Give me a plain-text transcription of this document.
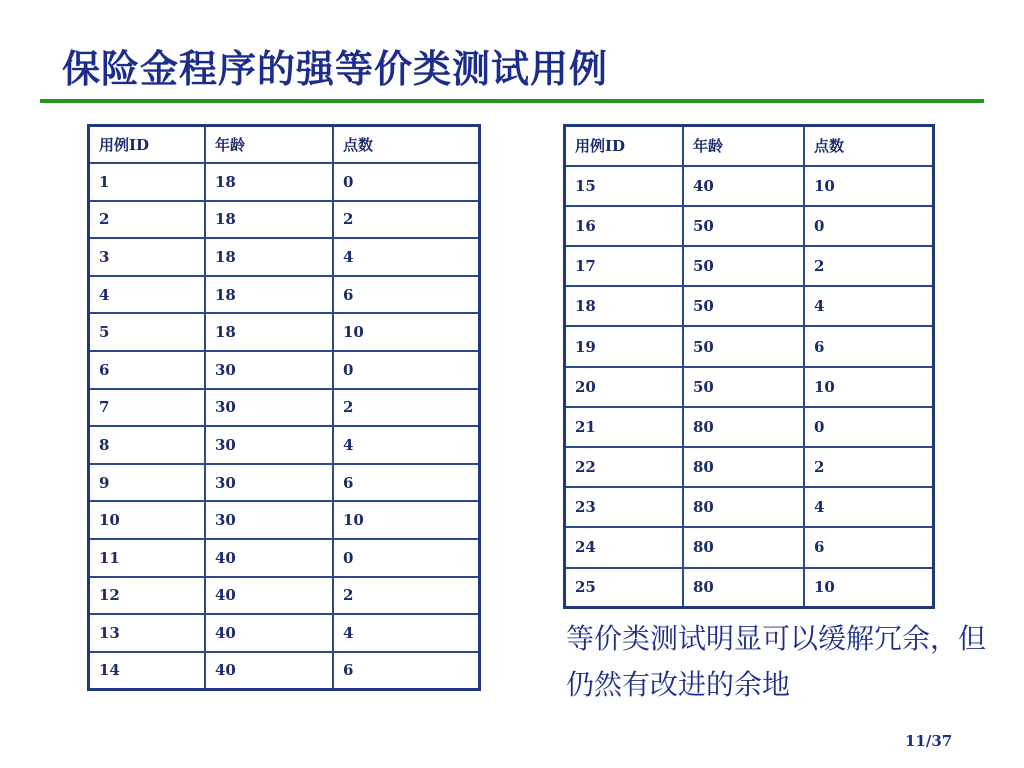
保险金程序的强等价类测试用例
用例ID	年龄	点数
1	18	0
2	18	2
3	18	4
4	18	6
5	18	10
6	30	0
7	30	2
8	30	4
9	30	6
10	30	10
11	40	0
12	40	2
13	40	4
14	40	6
用例ID	年龄	点数
15	40	10
16	50	0
17	50	2
18	50	4
19	50	6
20	50	10
21	80	0
22	80	2
23	80	4
24	80	6
25	80	10
等价类测试明显可以缓解冗余，但仍然有改进的余地
11/37
